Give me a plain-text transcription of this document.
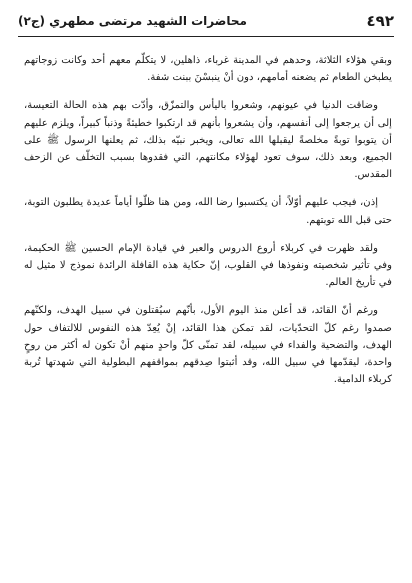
٤٩٢
محاضرات الشهيد مرتضى مطهري (ج٢)

وبقي هؤلاء الثلاثة، وحدهم في المدينة غرباء، ذاهلين، لا يتكلّم معهم أحد وكانت زوجاتهم يطبخن الطعام ثم يضعنه أمامهم، دون أنْ ينبسْنَ ببنت شفة.

وضاقت الدنيا في عيونهم، وشعروا باليأس والتمزّق، وأدّت بهم هذه الحالة التعيسة، إلى أن يرجعوا إلى أنفسهم، وأن يشعروا بأنهم قد ارتكبوا خطيئةً وذنباً كبيراً، ويلزم عليهم أن يتوبوا توبةً مخلصةً ليقبلها الله تعالى، ويخبر نبيّه بذلك، ثم يعلنها الرسول ﷺ على الجميع، وبعد ذلك، سوف تعود لهؤلاء مكانتهم، التي فقدوها بسبب التخلّف عن الزحف المقدس.

إذن، فيجب عليهم أوّلاً، أن يكتسبوا رضا الله، ومن هنا ظلّوا أياماً عديدة يطلبون التوبة، حتى قبل الله توبتهم.

ولقد ظهرت في كربلاء أروع الدروس والعبر في قيادة الإمام الحسين ﷺ الحكيمة، وفي تأثير شخصيته ونفوذها في القلوب، إنّ حكاية هذه القافلة الرائدة نموذج لا مثيل له في تأريخ العالم.

ورغم أنّ القائد، قد أعلن منذ اليوم الأول، بأنّهم سيُقتلون في سبيل الهدف، ولكنّهم صمدوا رغم كلّ التحدّيات، لقد تمكن هذا القائد، إنْ يُعِدّ هذه النفوس للالتفاف حول الهدف، والتضحية والفداء في سبيله، لقد تمنّى كلّ واحدٍ منهم أنْ تكون له أكثر من روحٍ واحدة، ليقدّمها في سبيل الله، وقد أثبتوا صِدقهم بمواقفهم البطولية التي شهدتها تُربة كربلاء الدامية.
